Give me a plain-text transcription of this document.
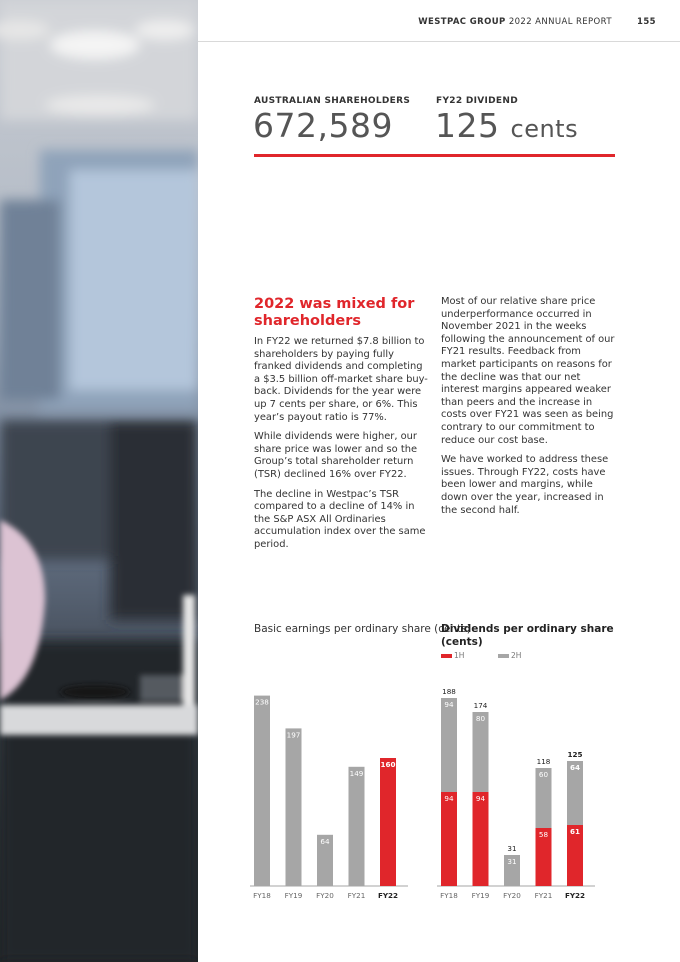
WESTPAC GROUP 2022 ANNUAL REPORT	155
AUSTRALIAN SHAREHOLDERS
672,589
FY22 DIVIDEND
125 cents
2022 was mixed for shareholders

In FY22 we returned $7.8 billion to shareholders by paying fully franked dividends and completing a $3.5 billion off-market share buy-back. Dividends for the year were up 7 cents per share, or 6%. This year’s payout ratio is 77%.

While dividends were higher, our share price was lower and so the Group’s total shareholder return (TSR) declined 16% over FY22.

The decline in Westpac’s TSR compared to a decline of 14% in the S&P ASX All Ordinaries accumulation index over the same period.

Most of our relative share price underperformance occurred in November 2021 in the weeks following the announcement of our FY21 results. Feedback from market participants on reasons for the decline was that our net interest margins appeared weaker than peers and the increase in costs over FY21 was seen as being contrary to our commitment to reduce our cost base.

We have worked to address these issues. Through FY22, costs have been lower and margins, while down over the year, increased in the second half.

Basic earnings per ordinary share (cents)
Dividends per ordinary share (cents)
1H	2H
238
FY18
197
FY19
64
FY20
149
FY21
160
FY22
94
94
188
FY18
94
80
174
FY19
31
31
FY20
58
60
118
FY21
61
64
125
FY22
